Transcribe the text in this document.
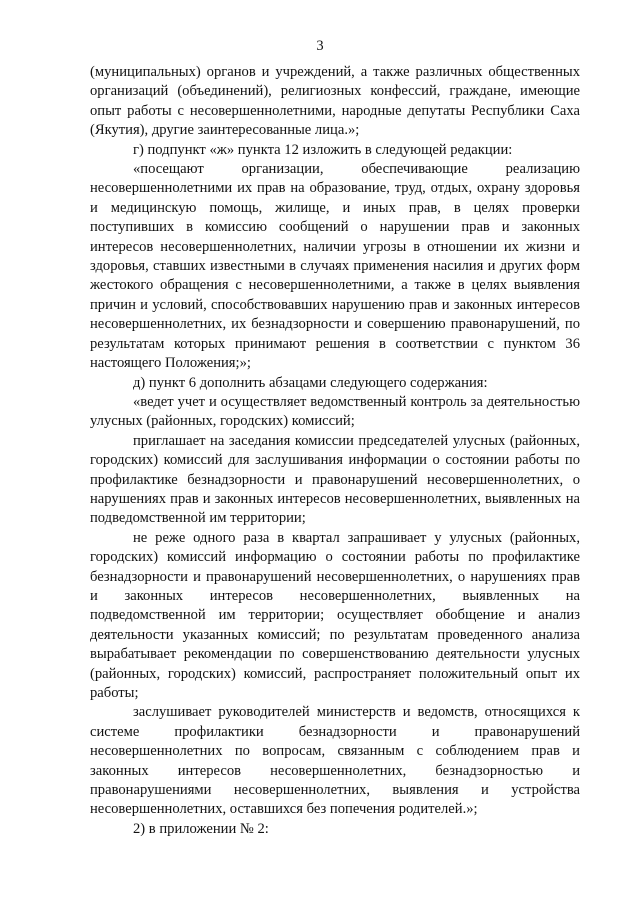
3

(муниципальных) органов и учреждений, а также различных общественных организаций (объединений), религиозных конфессий, граждане, имеющие опыт работы с несовершеннолетними, народные депутаты Республики Саха (Якутия), другие заинтересованные лица.»;

г) подпункт «ж» пункта 12 изложить в следующей редакции:

«посещают организации, обеспечивающие реализацию несовершеннолетними их прав на образование, труд, отдых, охрану здоровья и медицинскую помощь, жилище, и иных прав, в целях проверки поступивших в комиссию сообщений о нарушении прав и законных интересов несовершеннолетних, наличии угрозы в отношении их жизни и здоровья, ставших известными в случаях применения насилия и других форм жестокого обращения с несовершеннолетними, а также в целях выявления причин и условий, способствовавших нарушению прав и законных интересов несовершеннолетних, их безнадзорности и совершению правонарушений, по результатам которых принимают решения в соответствии с пунктом 36 настоящего Положения;»;

д) пункт 6 дополнить абзацами следующего содержания:

«ведет учет и осуществляет ведомственный контроль за деятельностью улусных (районных, городских) комиссий;

приглашает на заседания комиссии председателей улусных (районных, городских) комиссий для заслушивания информации о состоянии работы по профилактике безнадзорности и правонарушений несовершеннолетних, о нарушениях прав и законных интересов несовершеннолетних, выявленных на подведомственной им территории;

не реже одного раза в квартал запрашивает у улусных (районных, городских) комиссий информацию о состоянии работы по профилактике безнадзорности и правонарушений несовершеннолетних, о нарушениях прав и законных интересов несовершеннолетних, выявленных на подведомственной им территории; осуществляет обобщение и анализ деятельности указанных комиссий; по результатам проведенного анализа вырабатывает рекомендации по совершенствованию деятельности улусных (районных, городских) комиссий, распространяет положительный опыт их работы;

заслушивает руководителей министерств и ведомств, относящихся к системе профилактики безнадзорности и правонарушений несовершеннолетних по вопросам, связанным с соблюдением прав и законных интересов несовершеннолетних, безнадзорностью и правонарушениями несовершеннолетних, выявления и устройства несовершеннолетних, оставшихся без попечения родителей.»;

2) в приложении № 2:
